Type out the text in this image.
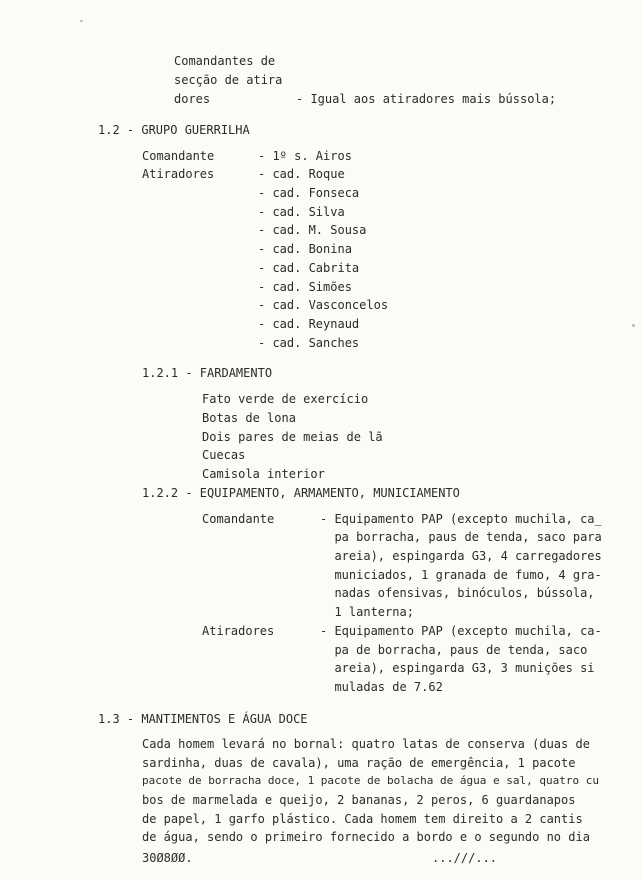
Comandantes de
secção de atira
dores	- Igual aos atiradores mais bússola;
1.2 - GRUPO GUERRILHA
Comandante	- 1º s. Airos
Atiradores	- cad. Roque
- cad. Fonseca
- cad. Silva
- cad. M. Sousa
- cad. Bonina
- cad. Cabrita
- cad. Simões
- cad. Vasconcelos
- cad. Reynaud
- cad. Sanches
1.2.1 - FARDAMENTO
Fato verde de exercício
Botas de lona
Dois pares de meias de lã
Cuecas
Camisola interior
1.2.2 - EQUIPAMENTO, ARMAMENTO, MUNICIAMENTO
Comandante	- Equipamento PAP (excepto muchila, ca_
pa borracha, paus de tenda, saco para
areia), espingarda G3, 4 carregadores
municiados, 1 granada de fumo, 4 gra-
nadas ofensivas, binóculos, bússola,
1 lanterna;
Atiradores	- Equipamento PAP (excepto muchila, ca-
pa de borracha, paus de tenda, saco
areia), espingarda G3, 3 munições si
muladas de 7.62
1.3 - MANTIMENTOS E ÁGUA DOCE
Cada homem levará no bornal: quatro latas de conserva (duas de
sardinha, duas de cavala), uma ração de emergência, 1 pacote
pacote de borracha doce, 1 pacote de bolacha de água e sal, quatro cu
bos de marmelada e queijo, 2 bananas, 2 peros, 6 guardanapos
de papel, 1 garfo plástico. Cada homem tem direito a 2 cantis
de água, sendo o primeiro fornecido a bordo e o segundo no dia
30Ø8ØØ.	...///...
